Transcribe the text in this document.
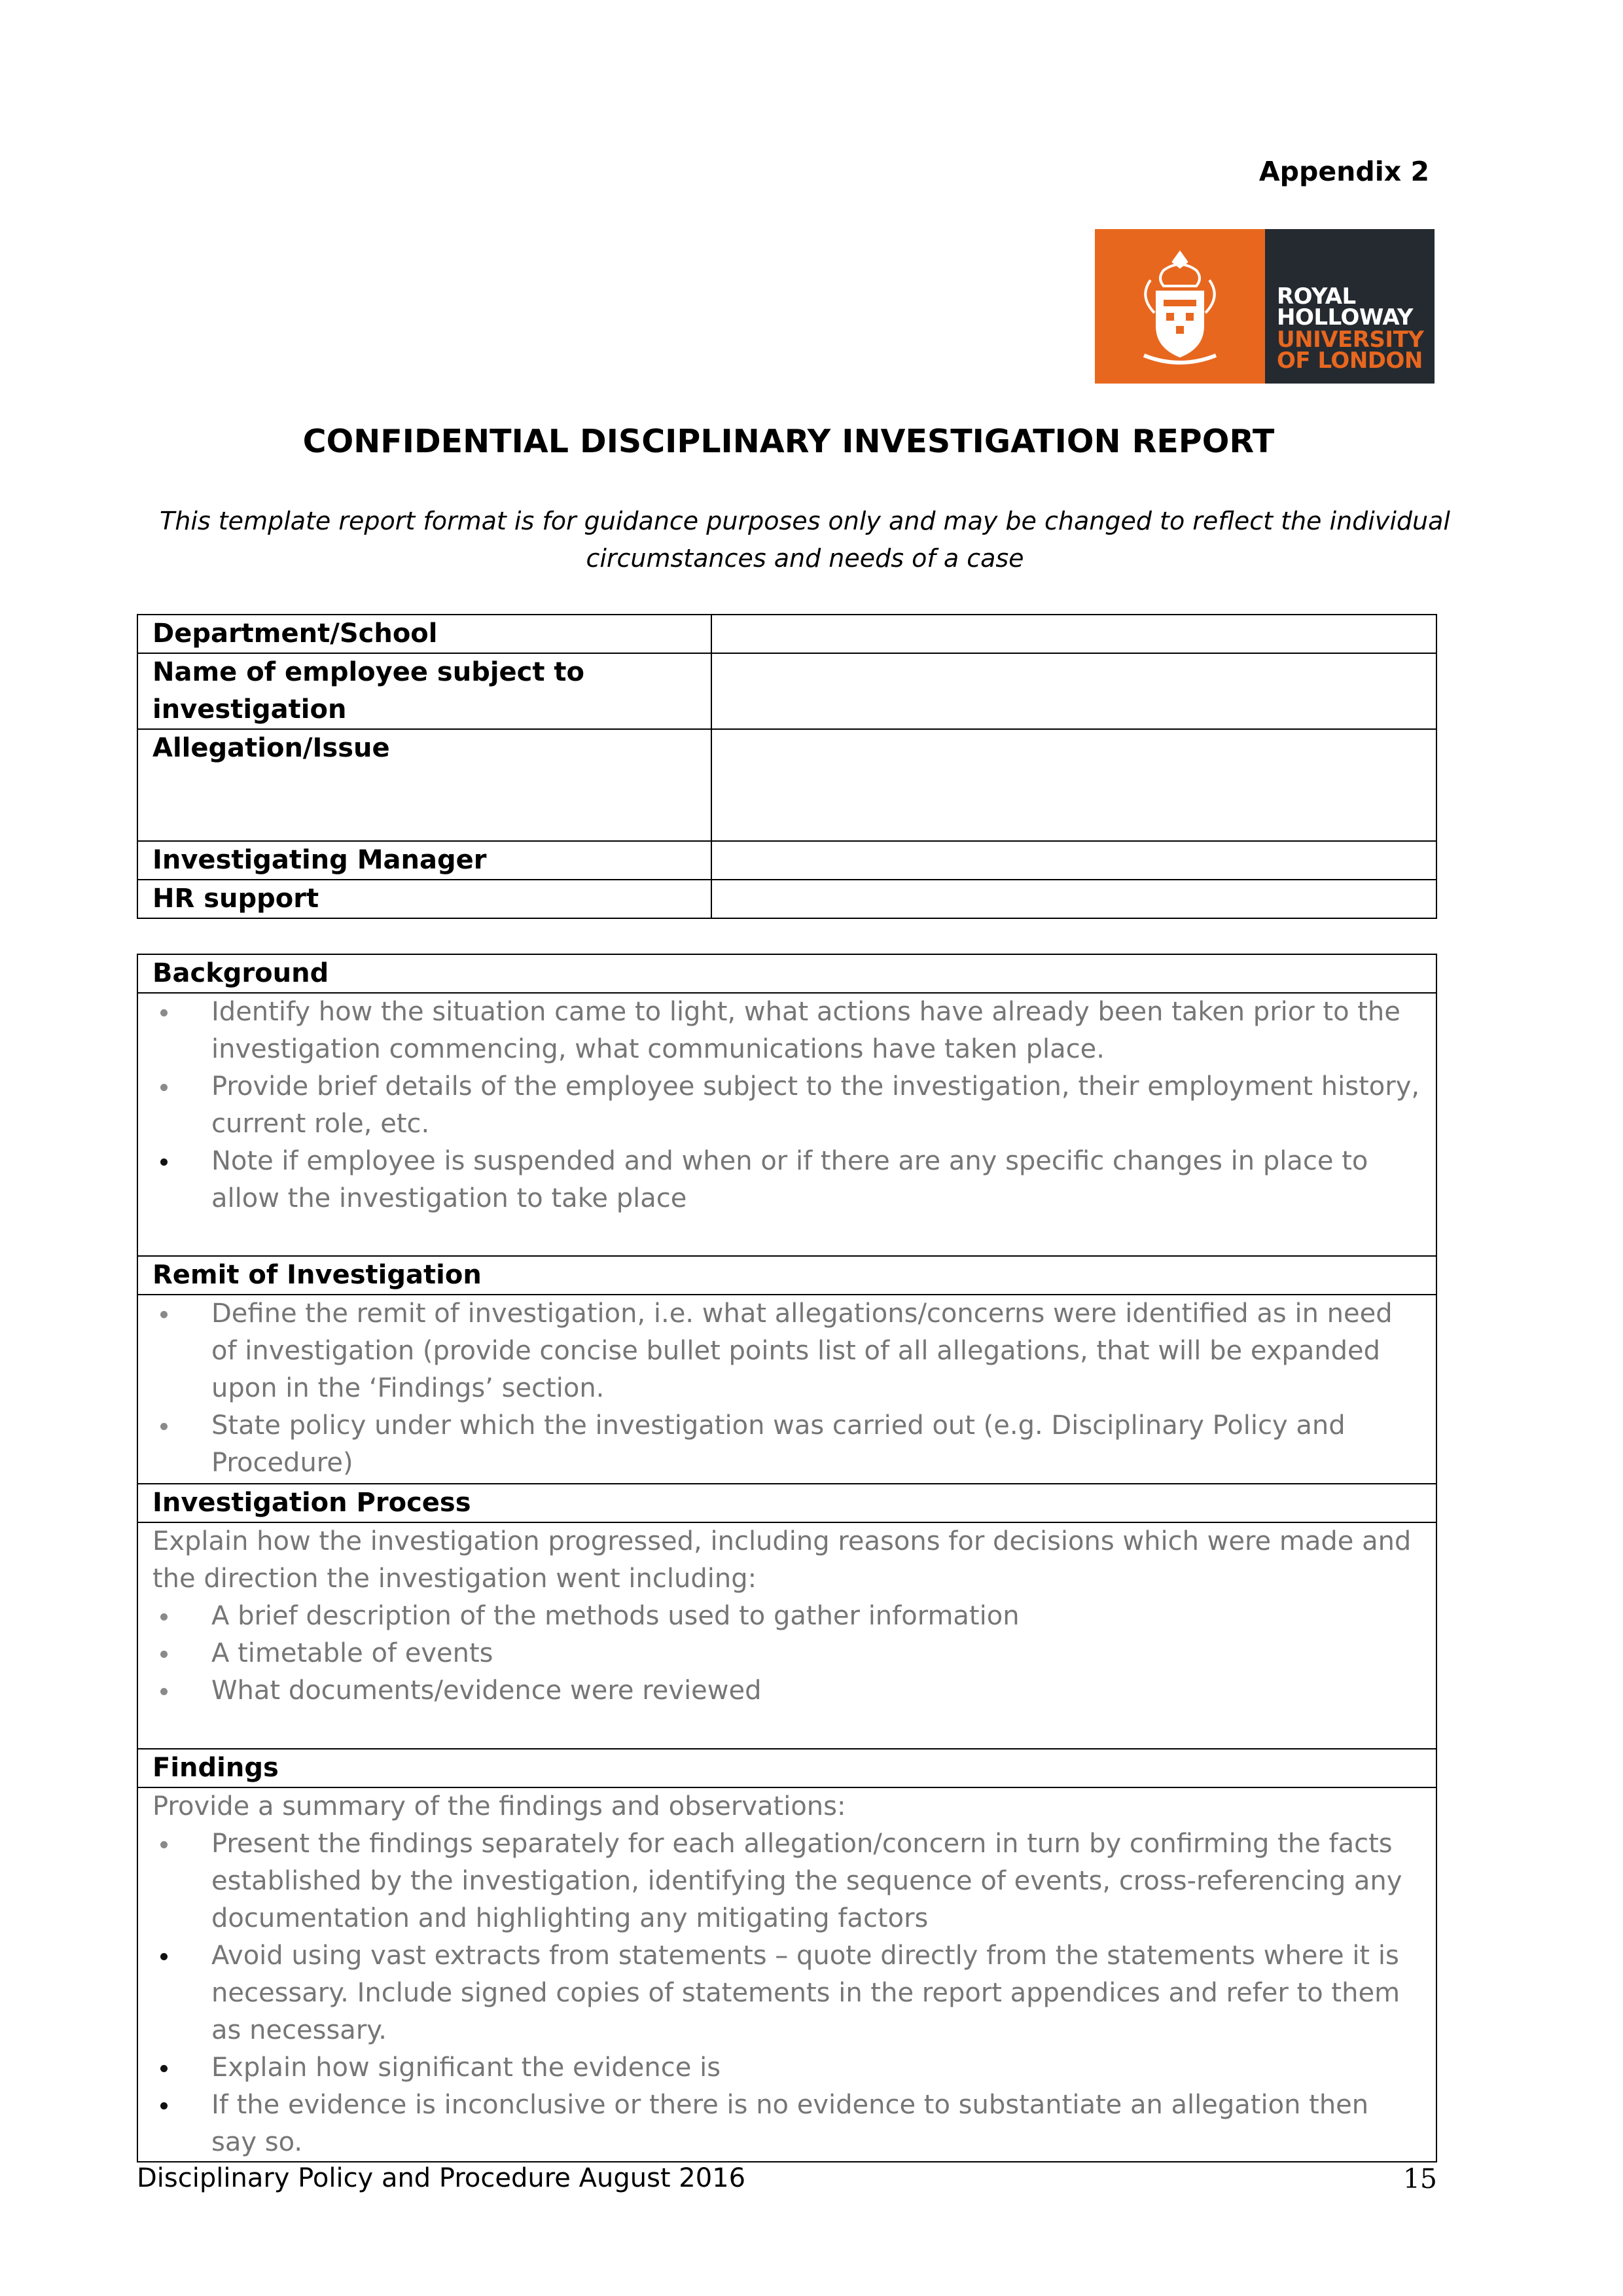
Appendix 2
ROYAL
HOLLOWAY
UNIVERSITY
OF LONDON
CONFIDENTIAL DISCIPLINARY INVESTIGATION REPORT
This template report format is for guidance purposes only and may be changed to reflect the individual circumstances and needs of a case
Department/School	
Name of employee subject to investigation	
Allegation/Issue	
Investigating Manager	
HR support	
Background
Identify how the situation came to light, what actions have already been taken prior to the investigation commencing, what communications have taken place.
Provide brief details of the employee subject to the investigation, their employment history, current role, etc.
Note if employee is suspended and when or if there are any specific changes in place to allow the investigation to take place
Remit of Investigation
Define the remit of investigation, i.e. what allegations/concerns were identified as in need of investigation (provide concise bullet points list of all allegations, that will be expanded upon in the ‘Findings’ section.
State policy under which the investigation was carried out (e.g. Disciplinary Policy and Procedure)
Investigation Process

Explain how the investigation progressed, including reasons for decisions which were made and the direction the investigation went including:

A brief description of the methods used to gather information
A timetable of events
What documents/evidence were reviewed
Findings

Provide a summary of the findings and observations:

Present the findings separately for each allegation/concern in turn by confirming the facts established by the investigation, identifying the sequence of events, cross-referencing any documentation and highlighting any mitigating factors
Avoid using vast extracts from statements – quote directly from the statements where it is necessary. Include signed copies of statements in the report appendices and refer to them as necessary.
Explain how significant the evidence is
If the evidence is inconclusive or there is no evidence to substantiate an allegation then say so.
Disciplinary Policy and Procedure August 2016	15
